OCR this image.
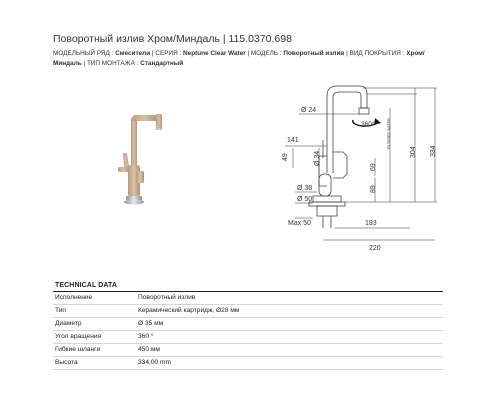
Поворотный излив Хром/Миндаль | 115.0370.698
МОДЕЛЬНЫЙ РЯД : Смесители | СЕРИЯ : Neptune Clear Water | МОДЕЛЬ : Поворотный излив | ВИД ПОКРЫТИЯ : Хром/Миндаль | ТИП МОНТАЖА : Стандартный
360°
Ø 24
141
49	Ø 34
69
89
304 334
Ø 38
Ø 50
Max 50	193
220
FILTERED WATER
TECHNICAL DATA
Исполнение	Поворотный излив
Тип	Керамический картридж, Ø28 мм
Диаметр	Ø 35 мм
Угол вращения	360 °
Гибкие шланги	450 мм
Высота	334,00 mm
